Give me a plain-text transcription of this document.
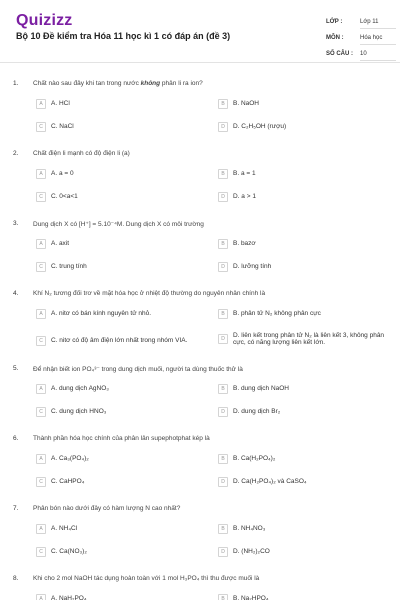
Quizizz
Bộ 10 Đề kiểm tra Hóa 11 học kì 1 có đáp án (đề 3)
LỚP :	Lớp 11
MÔN :	Hóa học
SỐ CÂU :	10
1. Chất nào sau đây khi tan trong nước không phân li ra ion?
A	A. HCl	B	B. NaOH
C	C. NaCl	D	D. C₂H₅OH (rượu)
2. Chất điện li mạnh có độ điện li (a)
A	A. a = 0	B	B. a = 1
C	C. 0<a<1	D	D. a > 1
3. Dung dịch X có [H⁺] = 5.10⁻⁴M. Dung dịch X có môi trường
A	A. axit	B	B. bazơ
C	C. trung tính	D	D. lưỡng tính
4. Khí N₂ tương đối trơ về mặt hóa học ở nhiệt độ thường do nguyên nhân chính là
A	A. nitơ có bán kính nguyên tử nhỏ.	B	B. phân tử N₂ không phân cực
C	C. nitơ có độ âm điện lớn nhất trong nhóm VIA.	D	D. liên kết trong phân tử N₂ là liên kết 3, không phân cực, có năng lượng liên kết lớn.
5. Để nhận biết ion PO₄³⁻ trong dung dịch muối, người ta dùng thuốc thử là
A	A. dung dịch AgNO₃	B	B. dung dịch NaOH
C	C. dung dịch HNO₃	D	D. dung dịch Br₂
6. Thành phần hóa học chính của phân lân supephotphat kép là
A	A. Ca₃(PO₄)₂	B	B. Ca(H₂PO₄)₂
C	C. CaHPO₄	D	D. Ca(H₂PO₄)₂ và CaSO₄
7. Phân bón nào dưới đây có hàm lượng N cao nhất?
A	A. NH₄Cl	B	B. NH₄NO₃
C	C. Ca(NO₃)₂	D	D. (NH₂)₂CO
8. Khi cho 2 mol NaOH tác dụng hoàn toàn với 1 mol H₃PO₄ thì thu được muối là
A	A. NaH₂PO₄	B	B. Na₂HPO₄
